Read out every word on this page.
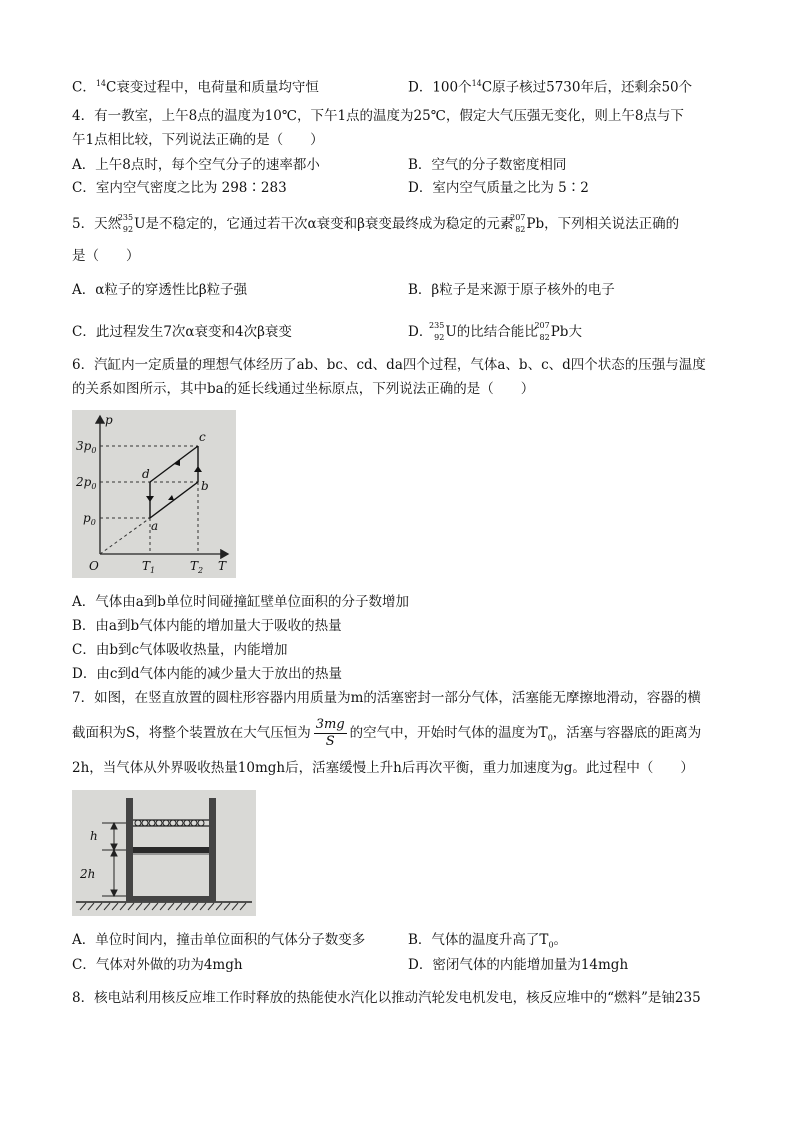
C．$^{14}$C衰变过程中，电荷量和质量均守恒	D．100个$^{14}$C原子核过5730年后，还剩余50个
4．有一教室，上午8点的温度为10℃，下午1点的温度为25℃，假定大气压强无变化，则上午8点与下
午1点相比较，下列说法正确的是（　　）
A．上午8点时，每个空气分子的速率都小	B．空气的分子数密度相同
C．室内空气密度之比为 298∶283	D．室内空气质量之比为 5∶2
5．天然
235
92 U是不稳定的，它通过若干次α衰变和β衰变最终成为稳定的元素
207
82 Pb，下列相关说法正确的
是（　　）
A．α粒子的穿透性比β粒子强	B．β粒子是来源于原子核外的电子
C．此过程发生7次α衰变和4次β衰变	D．
235
92 U的比结合能比
207
82 Pb大
6．汽缸内一定质量的理想气体经历了ab、bc、cd、da四个过程，气体a、b、c、d四个状态的压强与温度
的关系如图所示，其中ba的延长线通过坐标原点，下列说法正确的是（　　）
p
T
O
$3p_0$
$2p_0$
$p_0$
$T_1$	$T_2$
a
b
c
d
A．气体由a到b单位时间碰撞缸壁单位面积的分子数增加
B．由a到b气体内能的增加量大于吸收的热量
C．由b到c气体吸收热量，内能增加
D．由c到d气体内能的减少量大于放出的热量
7．如图，在竖直放置的圆柱形容器内用质量为m的活塞密封一部分气体，活塞能无摩擦地滑动，容器的横
截面积为S，将整个装置放在大气压恒为 $\frac{3mg}{S}$ 的空气中，开始时气体的温度为$T_0$，活塞与容器底的距离为
2h，当气体从外界吸收热量10mgh后，活塞缓慢上升h后再次平衡，重力加速度为g。此过程中（　　）
h
2h
A．单位时间内，撞击单位面积的气体分子数变多	B．气体的温度升高了$T_0$。
C．气体对外做的功为4mgh	D．密闭气体的内能增加量为14mgh
8．核电站利用核反应堆工作时释放的热能使水汽化以推动汽轮发电机发电，核反应堆中的“燃料”是铀235
